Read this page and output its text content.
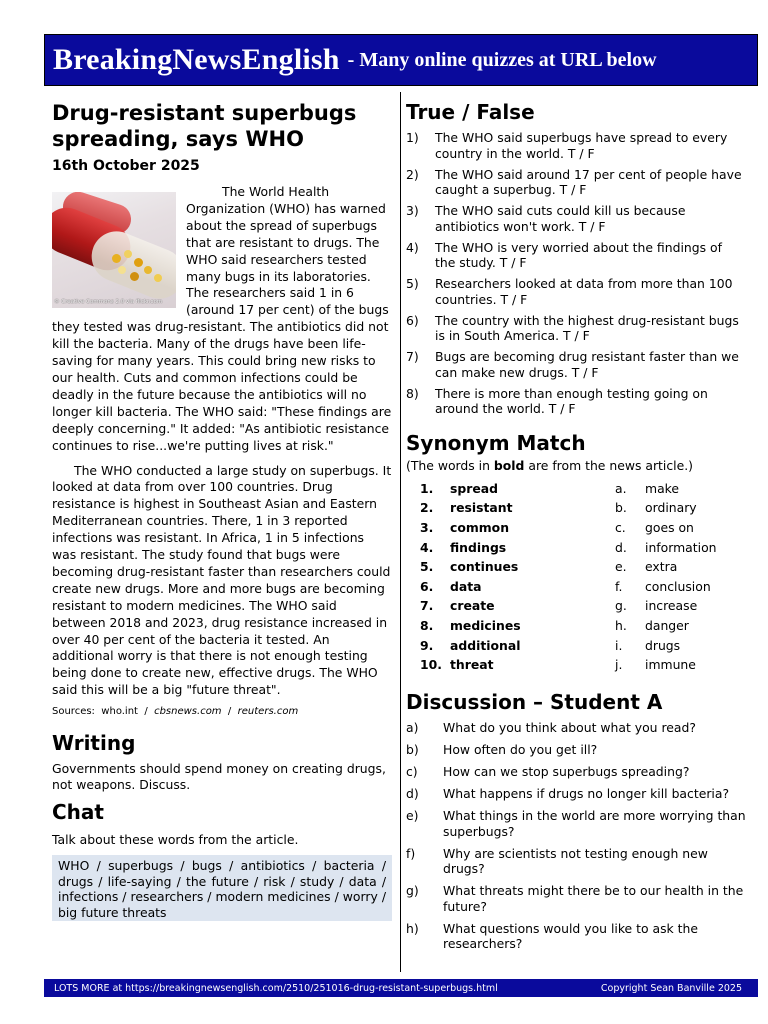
BreakingNewsEnglish - Many online quizzes at URL below
Drug-resistant superbugs spreading, says WHO
16th October 2025
© Creative Commons 2.0 via flickr.com

The World Health Organization (WHO) has warned about the spread of superbugs that are resistant to drugs. The WHO said researchers tested many bugs in its laboratories. The researchers said 1 in 6 (around 17 per cent) of the bugs they tested was drug-resistant. The antibiotics did not kill the bacteria. Many of the drugs have been life-saving for many years. This could bring new risks to our health. Cuts and common infections could be deadly in the future because the antibiotics will no longer kill bacteria. The WHO said: "These findings are deeply concerning." It added: "As antibiotic resistance continues to rise...we're putting lives at risk."

The WHO conducted a large study on superbugs. It looked at data from over 100 countries. Drug resistance is highest in Southeast Asian and Eastern Mediterranean countries. There, 1 in 3 reported infections was resistant. In Africa, 1 in 5 infections was resistant. The study found that bugs were becoming drug-resistant faster than researchers could create new drugs. More and more bugs are becoming resistant to modern medicines. The WHO said between 2018 and 2023, drug resistance increased in over 40 per cent of the bacteria it tested. An additional worry is that there is not enough testing being done to create new, effective drugs. The WHO said this will be a big "future threat".

Sources: who.int  /  cbsnews.com  /  reuters.com
Writing
Governments should spend money on creating drugs, not weapons. Discuss.
Chat
Talk about these words from the article.
WHO / superbugs / bugs / antibiotics / bacteria / drugs / life-saying / the future / risk / study / data / infections / researchers / modern medicines / worry / big future threats
True / False
1)	The WHO said superbugs have spread to every country in the world. T / F
2)	The WHO said around 17 per cent of people have caught a superbug. T / F
3)	The WHO said cuts could kill us because antibiotics won't work. T / F
4)	The WHO is very worried about the findings of the study. T / F
5)	Researchers looked at data from more than 100 countries. T / F
6)	The country with the highest drug-resistant bugs is in South America. T / F
7)	Bugs are becoming drug resistant faster than we can make new drugs. T / F
8)	There is more than enough testing going on around the world. T / F
Synonym Match
(The words in bold are from the news article.)
1.	spread	a.	make
2.	resistant	b.	ordinary
3.	common	c.	goes on
4.	findings	d.	information
5.	continues	e.	extra
6.	data	f.	conclusion
7.	create	g.	increase
8.	medicines	h.	danger
9.	additional	i.	drugs
10. threat	j.	immune
Discussion – Student A
a)	What do you think about what you read?
b)	How often do you get ill?
c)	How can we stop superbugs spreading?
d)	What happens if drugs no longer kill bacteria?
e)	What things in the world are more worrying than superbugs?
f)	Why are scientists not testing enough new drugs?
g)	What threats might there be to our health in the future?
h)	What questions would you like to ask the researchers?
LOTS MORE at https://breakingnewsenglish.com/2510/251016-drug-resistant-superbugs.html	Copyright Sean Banville 2025
